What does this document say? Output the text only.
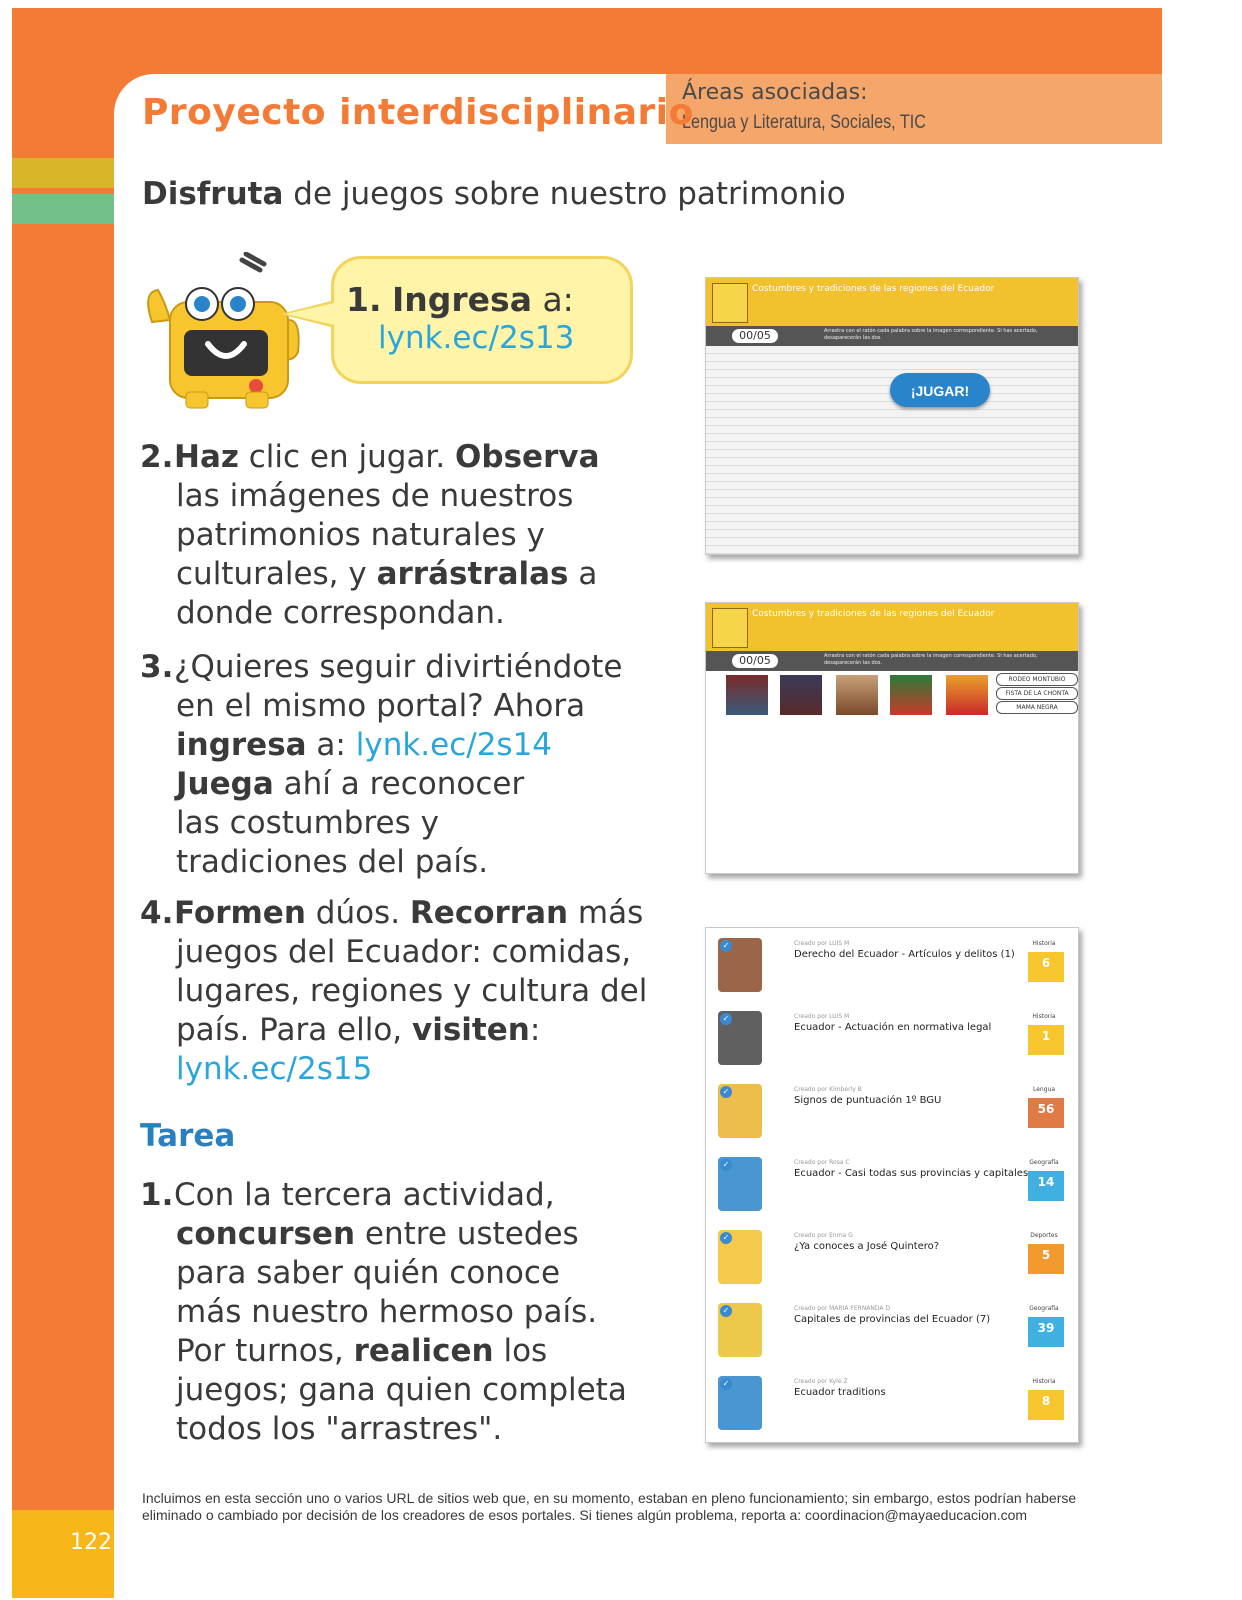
Áreas asociadas:
Lengua y Literatura, Sociales, TIC
Proyecto interdisciplinario
Disfruta de juegos sobre nuestro patrimonio
1. Ingresa a:
lynk.ec/2s13
2.Haz clic en jugar. Observa
las imágenes de nuestros
patrimonios naturales y
culturales, y arrástralas a
donde correspondan.
3.¿Quieres seguir divirtiéndote
en el mismo portal? Ahora
ingresa a: lynk.ec/2s14
Juega ahí a reconocer
las costumbres y
tradiciones del país.
4.Formen dúos. Recorran más
juegos del Ecuador: comidas,
lugares, regiones y cultura del
país. Para ello, visiten:
lynk.ec/2s15
Tarea
1.Con la tercera actividad,
concursen entre ustedes
para saber quién conoce
más nuestro hermoso país.
Por turnos, realicen los
juegos; gana quien completa
todos los "arrastres".
Costumbres y tradiciones de las regiones del Ecuador
00/05	Arrastra con el ratón cada palabra sobre la imagen correspondiente. Si has acertado, desaparecerán las dos.
¡JUGAR!
Costumbres y tradiciones de las regiones del Ecuador
00/05	Arrastra con el ratón cada palabra sobre la imagen correspondiente. Si has acertado, desaparecerán las dos.
RODEO MONTUBIO
FISTA DE LA CHONTA
MAMA NEGRA
✓	Creado por LUIS M
Derecho del Ecuador - Artículos y delitos (1)
Historia
6
✓	Creado por LUIS M
Ecuador - Actuación en normativa legal
Historia
1
✓	Creado por Kimberly B
Signos de puntuación 1º BGU
Lengua
56
✓	Creado por Rosa C
Ecuador - Casi todas sus provincias y capitales
Geografía
14
✓	Creado por Enma G
¿Ya conoces a José Quintero?
Deportes
5
✓	Creado por MARIA FERNANDA D
Capitales de provincias del Ecuador (7)
Geografía
39
✓	Creado por Kyle Z
Ecuador traditions
Historia
8
Incluimos en esta sección uno o varios URL de sitios web que, en su momento, estaban en pleno funcionamiento; sin embargo, estos podrían haberse eliminado o cambiado por decisión de los creadores de esos portales. Si tienes algún problema, reporta a: coordinacion@mayaeducacion.com
122
